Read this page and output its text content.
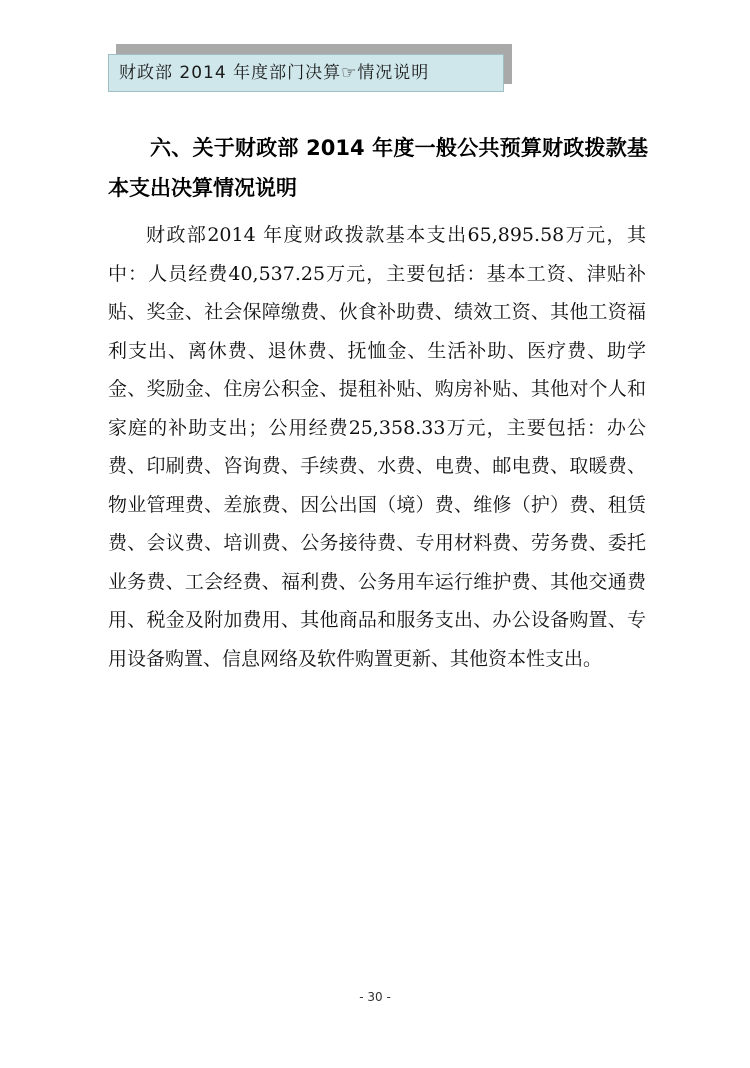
财政部 2014 年度部门决算☞情况说明
六、关于财政部 2014 年度一般公共预算财政拨款基本支出决算情况说明
财政部2014 年度财政拨款基本支出65,895.58万元，其中：人员经费40,537.25万元，主要包括：基本工资、津贴补贴、奖金、社会保障缴费、伙食补助费、绩效工资、其他工资福利支出、离休费、退休费、抚恤金、生活补助、医疗费、助学金、奖励金、住房公积金、提租补贴、购房补贴、其他对个人和家庭的补助支出；公用经费25,358.33万元，主要包括：办公费、印刷费、咨询费、手续费、水费、电费、邮电费、取暖费、物业管理费、差旅费、因公出国（境）费、维修（护）费、租赁费、会议费、培训费、公务接待费、专用材料费、劳务费、委托业务费、工会经费、福利费、公务用车运行维护费、其他交通费用、税金及附加费用、其他商品和服务支出、办公设备购置、专用设备购置、信息网络及软件购置更新、其他资本性支出。
- 30 -
